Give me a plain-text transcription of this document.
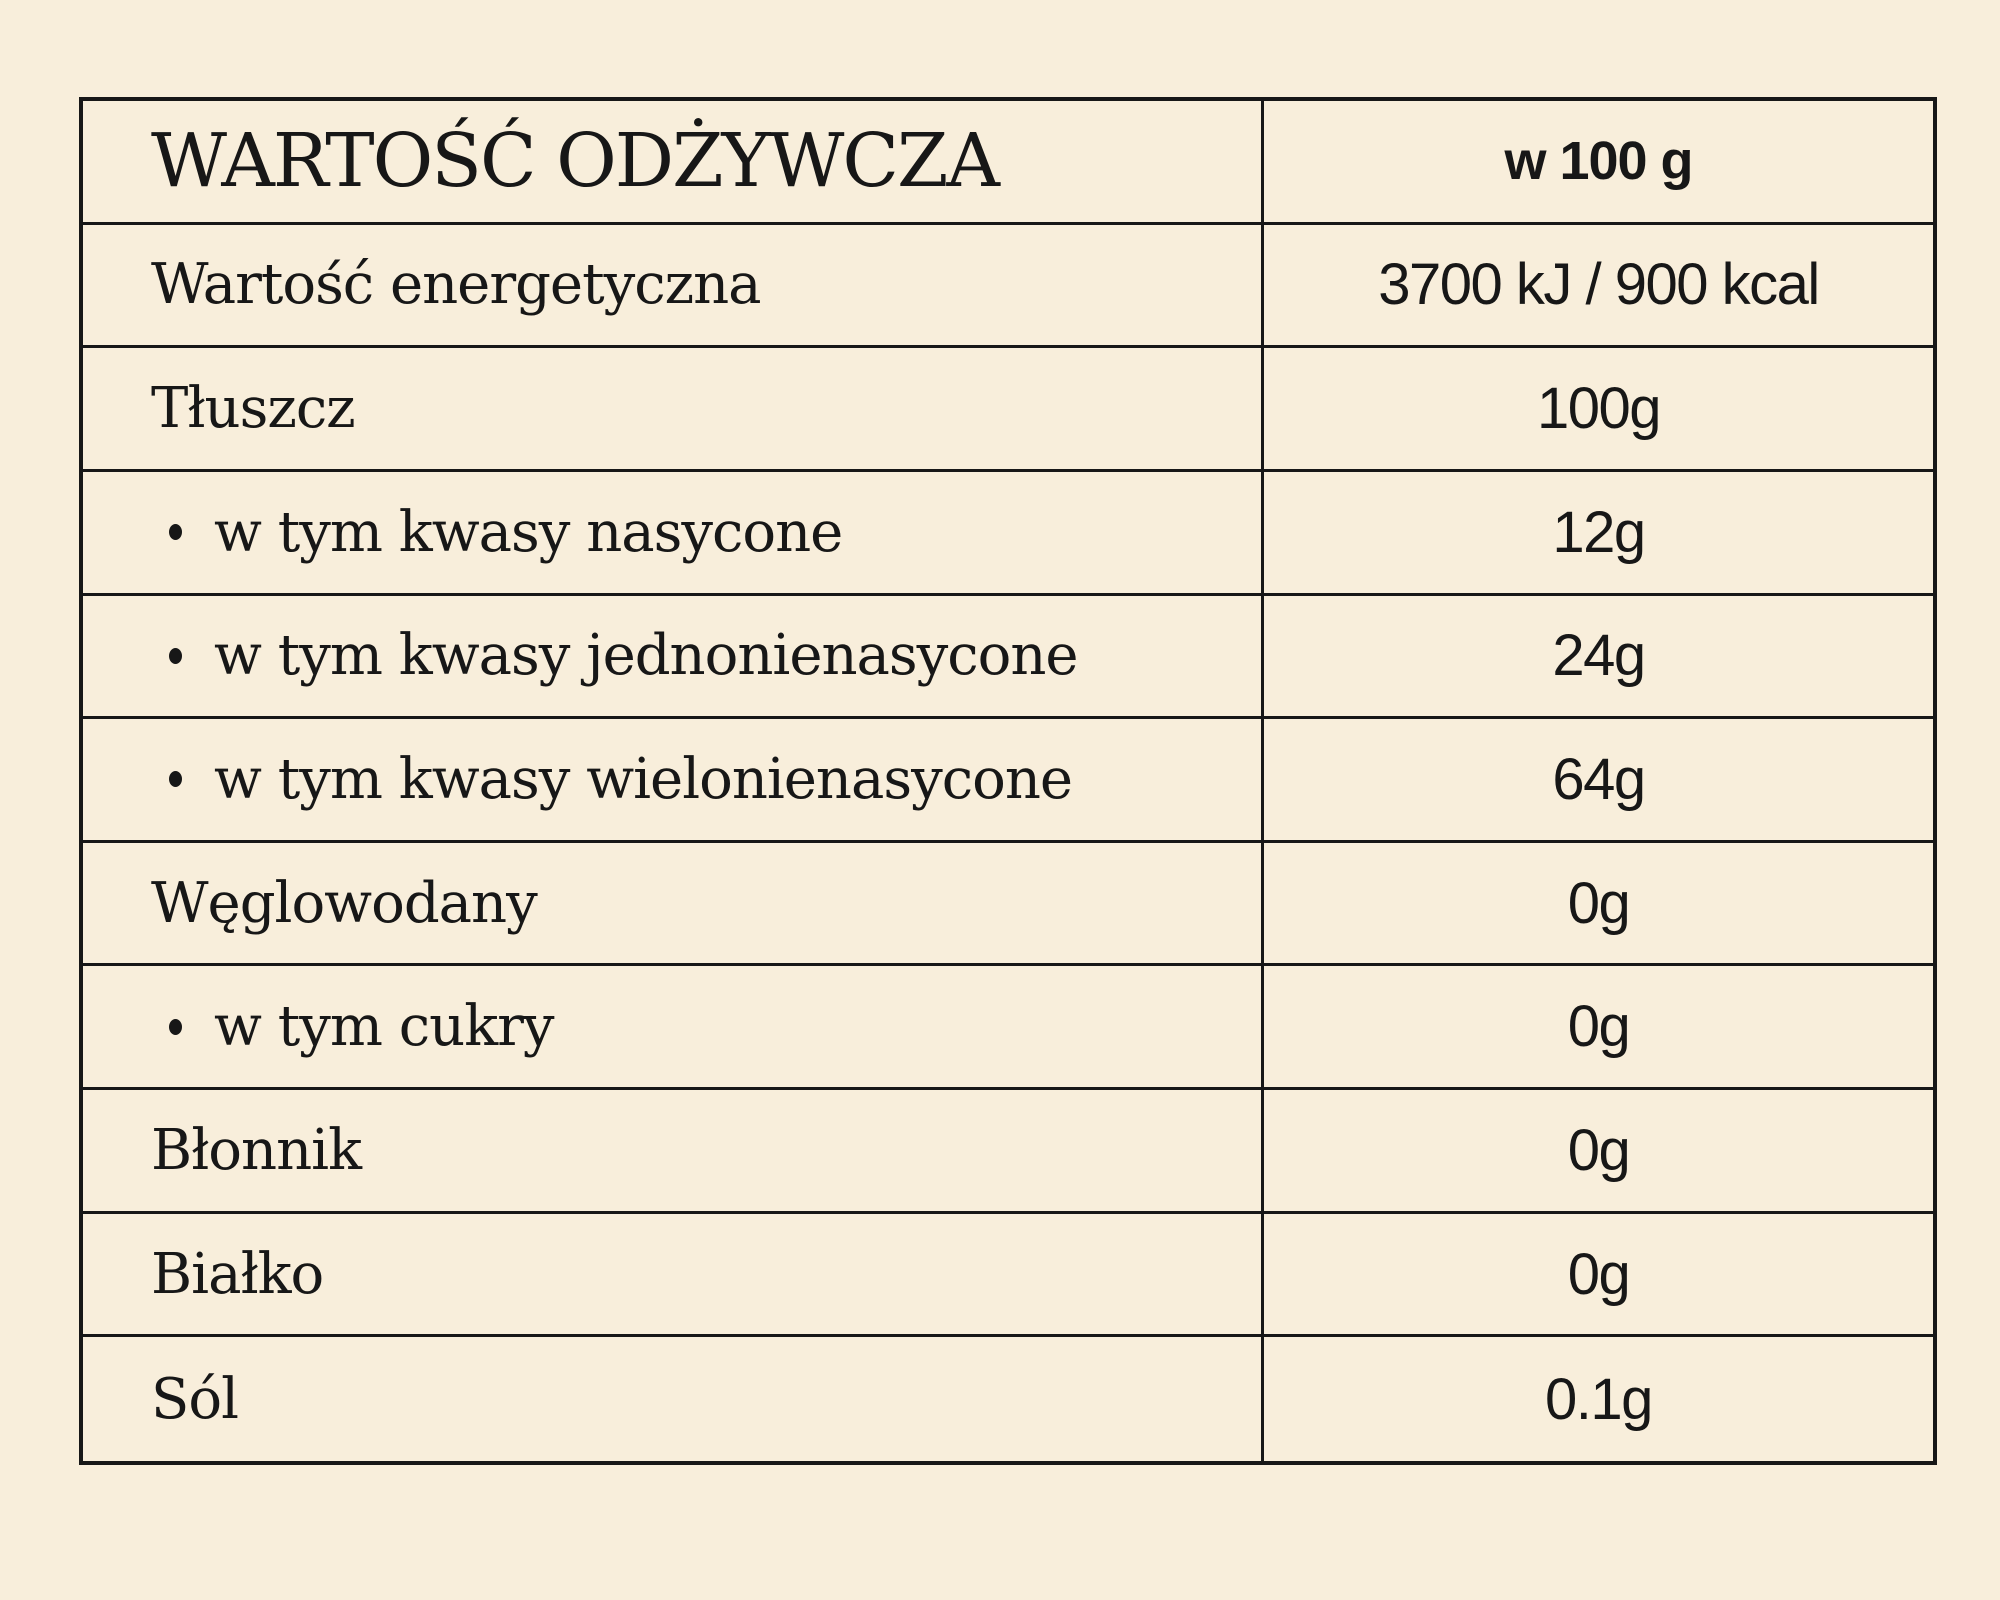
WARTOŚĆ ODŻYWCZA	w 100 g
Wartość energetyczna	3700 kJ / 900 kcal
Tłuszcz	100g
w tym kwasy nasycone	12g
w tym kwasy jednonienasycone	24g
w tym kwasy wielonienasycone	64g
Węglowodany	0g
w tym cukry	0g
Błonnik	0g
Białko	0g
Sól	0.1g
